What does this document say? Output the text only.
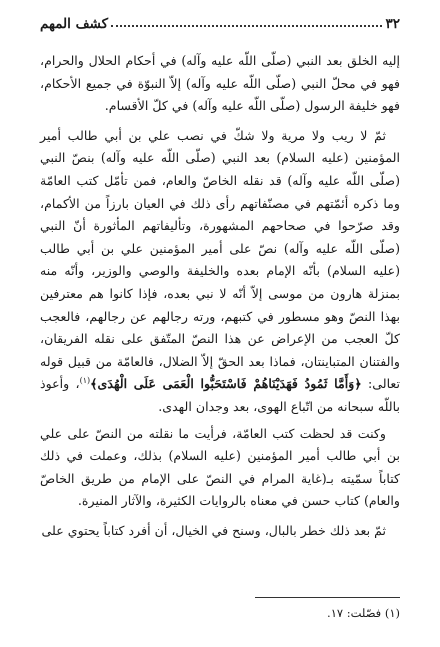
٣٢
كشف المهم

إليه الخلق بعد النبي (صلّى اللّه عليه وآله) في أحكام الحلال والحرام، فهو في محلّ النبي (صلّى اللّه عليه وآله) إلاّ النبوّة في جميع الأحكام، فهو خليفة الرسول (صلّى اللّه عليه وآله) في كلّ الأقسام.

ثمّ لا ريب ولا مرية ولا شكّ في نصب علي بن أبي طالب أمير المؤمنين (عليه السلام) بعد النبي (صلّى اللّه عليه وآله) بنصّ النبي (صلّى اللّه عليه وآله) قد نقله الخاصّ والعام، فمن تأمّل كتب العامّة وما ذكره أئمّتهم في مصنّفاتهم رأى ذلك في العيان بارزاً من الأكمام، وقد صرّحوا في صحاحهم المشهورة، وتأليفاتهم المأثورة أنّ النبي (صلّى اللّه عليه وآله) نصّ على أمير المؤمنين علي بن أبي طالب (عليه السلام) بأنّه الإمام بعده والخليفة والوصي والوزير، وأنّه منه بمنزلة هارون من موسى إلاّ أنّه لا نبي بعده، فإذا كانوا هم معترفين بهذا النصّ وهو مسطور في كتبهم، ورته رجالهم عن رجالهم، فالعجب كلّ العجب من الإعراض عن هذا النصّ المتّفق على نقله الفريقان، والفتنان المتباينتان، فماذا بعد الحقّ إلاّ الضلال، فالعامّة من قبيل قوله تعالى: ﴿وَأَمَّا ثَمُودُ فَهَدَيْنَاهُمْ فَاسْتَحَبُّوا الْعَمَى عَلَى الْهُدَى﴾$^{(١)}$، وأعوذ باللّه سبحانه من اتّباع الهوى، بعد وجدان الهدى.

وكنت قد لحظت كتب العامّة، فرأيت ما نقلته من النصّ على علي بن أبي طالب أمير المؤمنين (عليه السلام) بذلك، وعملت في ذلك كتاباً سمّيته بـ(غاية المرام في النصّ على الإمام من طريق الخاصّ والعام) كتاب حسن في معناه بالروايات الكثيرة، والآثار المنيرة.

ثمّ بعد ذلك خطر بالبال، وسنح في الخيال، أن أفرد كتاباً يحتوي على

(١) فصّلت: ١٧.
